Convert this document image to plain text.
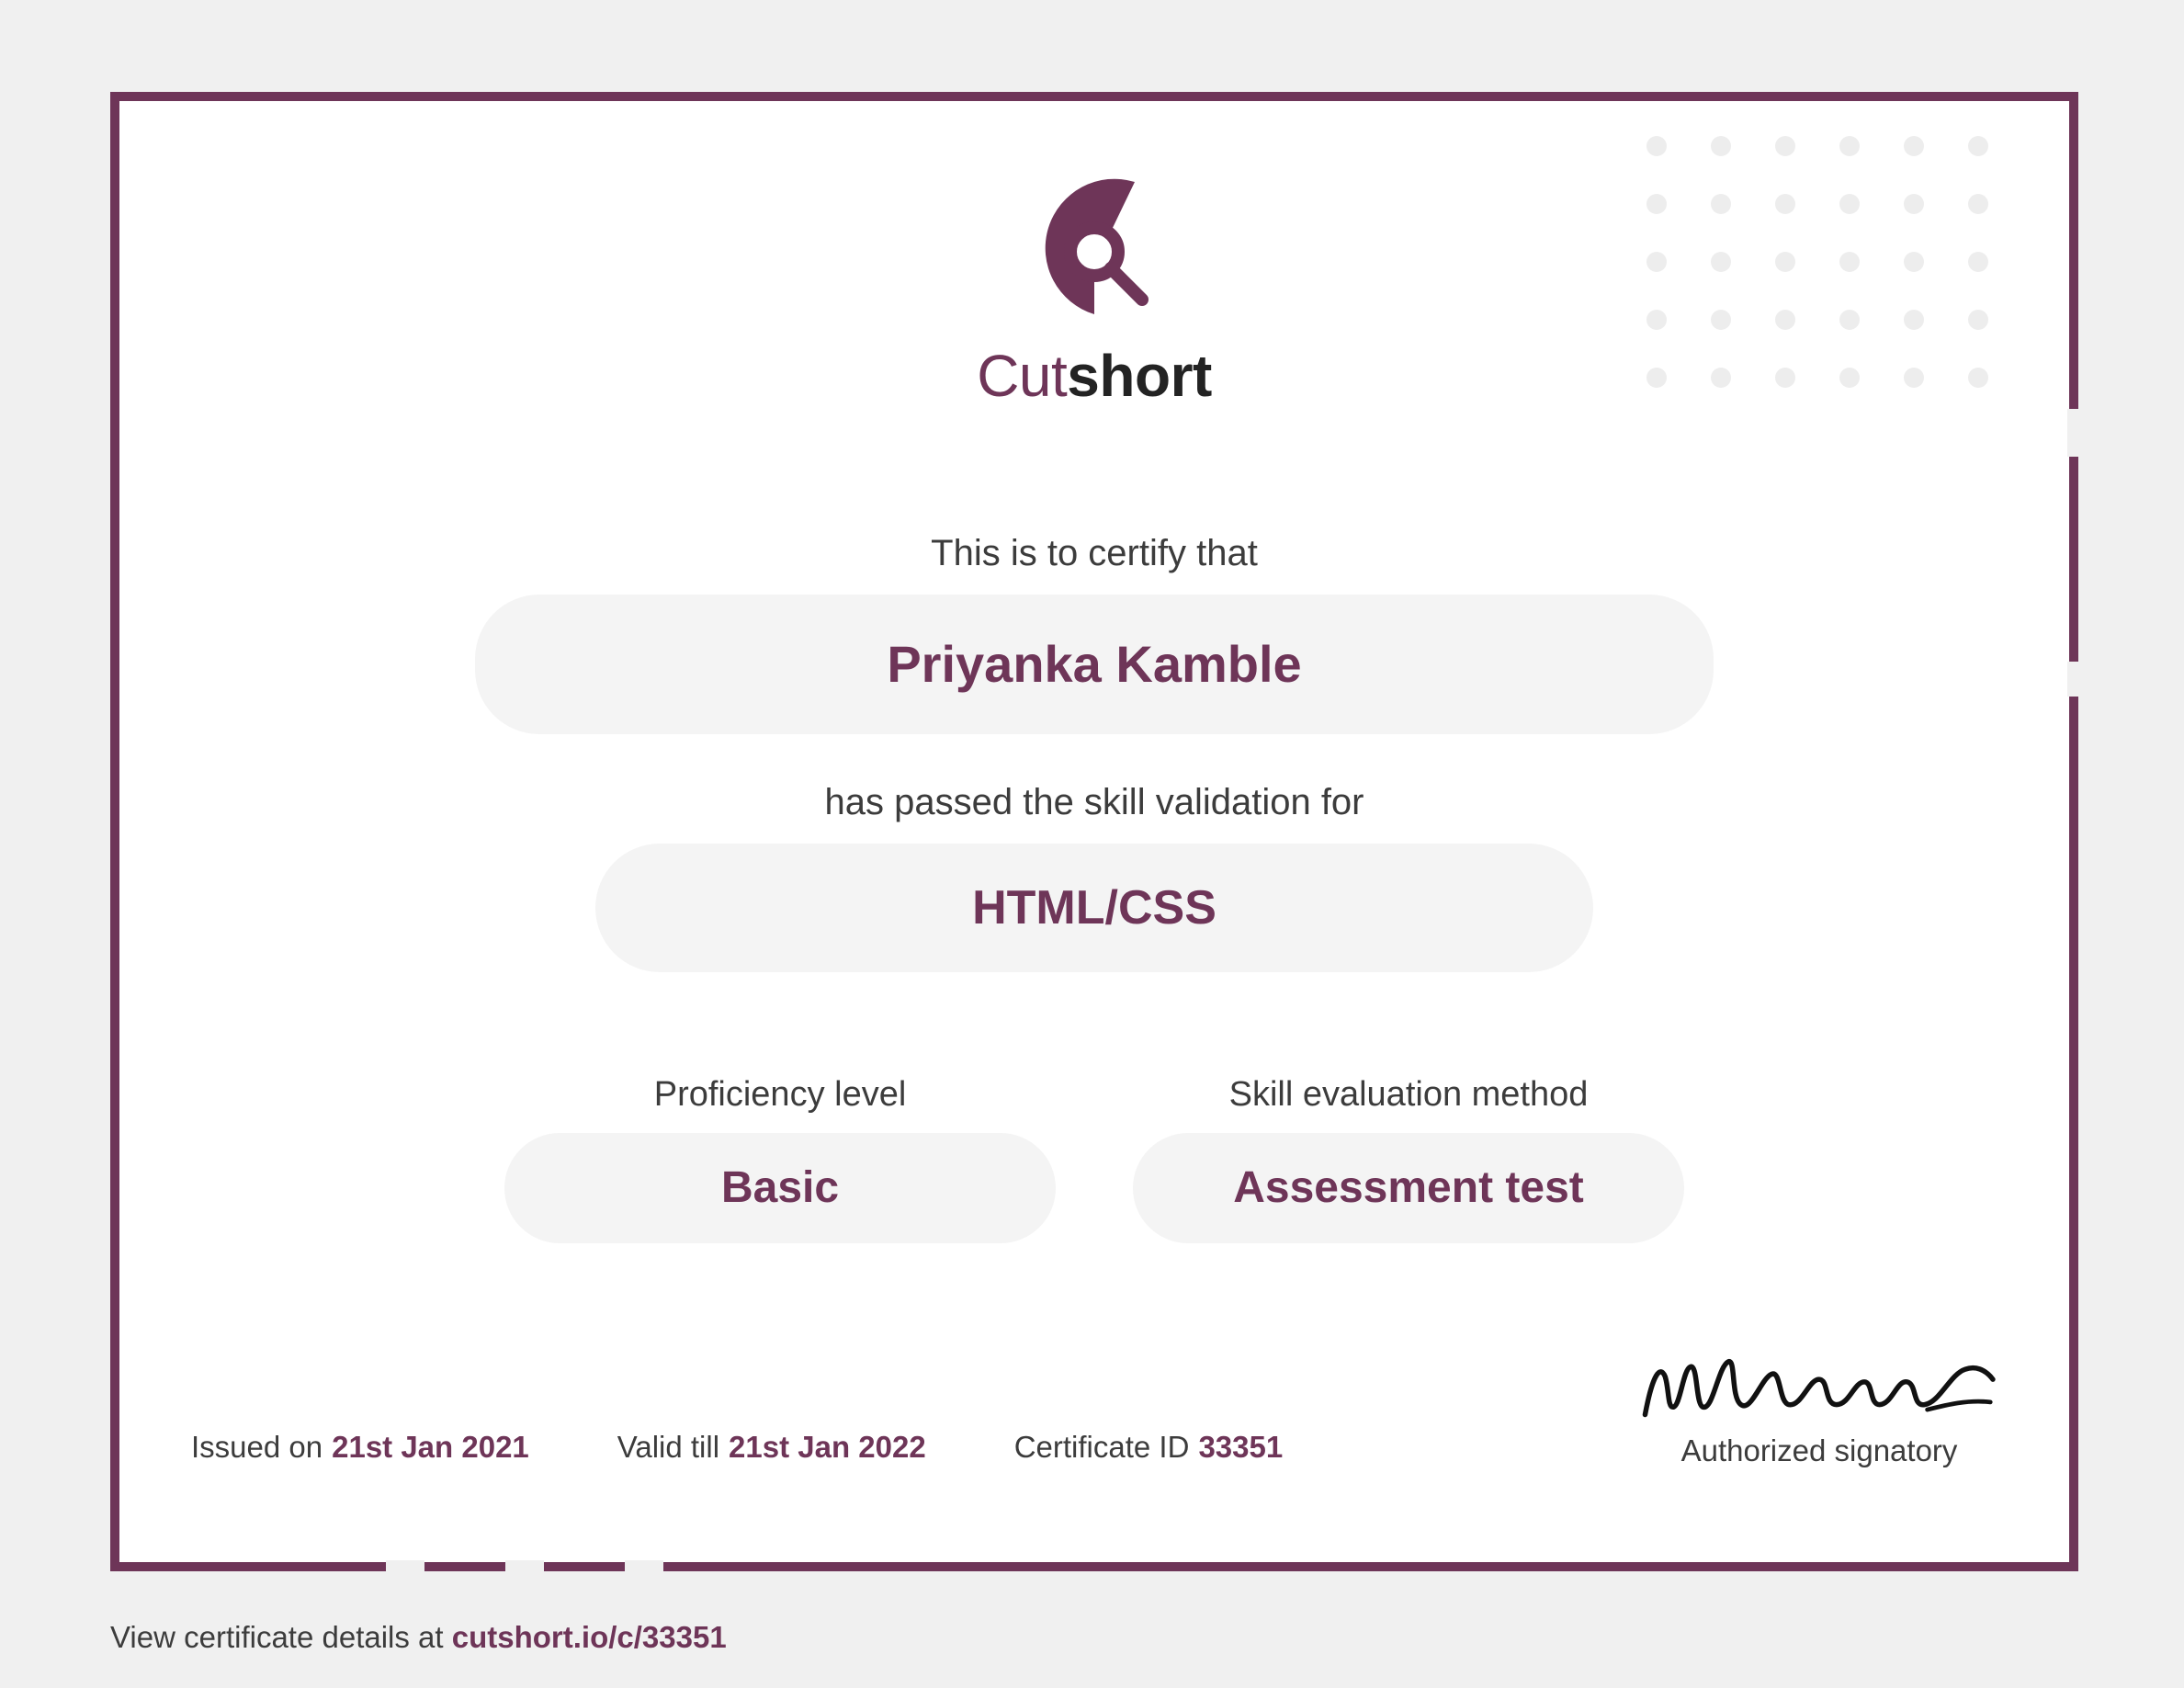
Cutshort
This is to certify that
Priyanka Kamble
has passed the skill validation for
HTML/CSS
Proficiency level
Basic
Skill evaluation method
Assessment test
Authorized signatory
Issued on 21st Jan 2021	Valid till 21st Jan 2022	Certificate ID 33351
View certificate details at cutshort.io/c/33351
